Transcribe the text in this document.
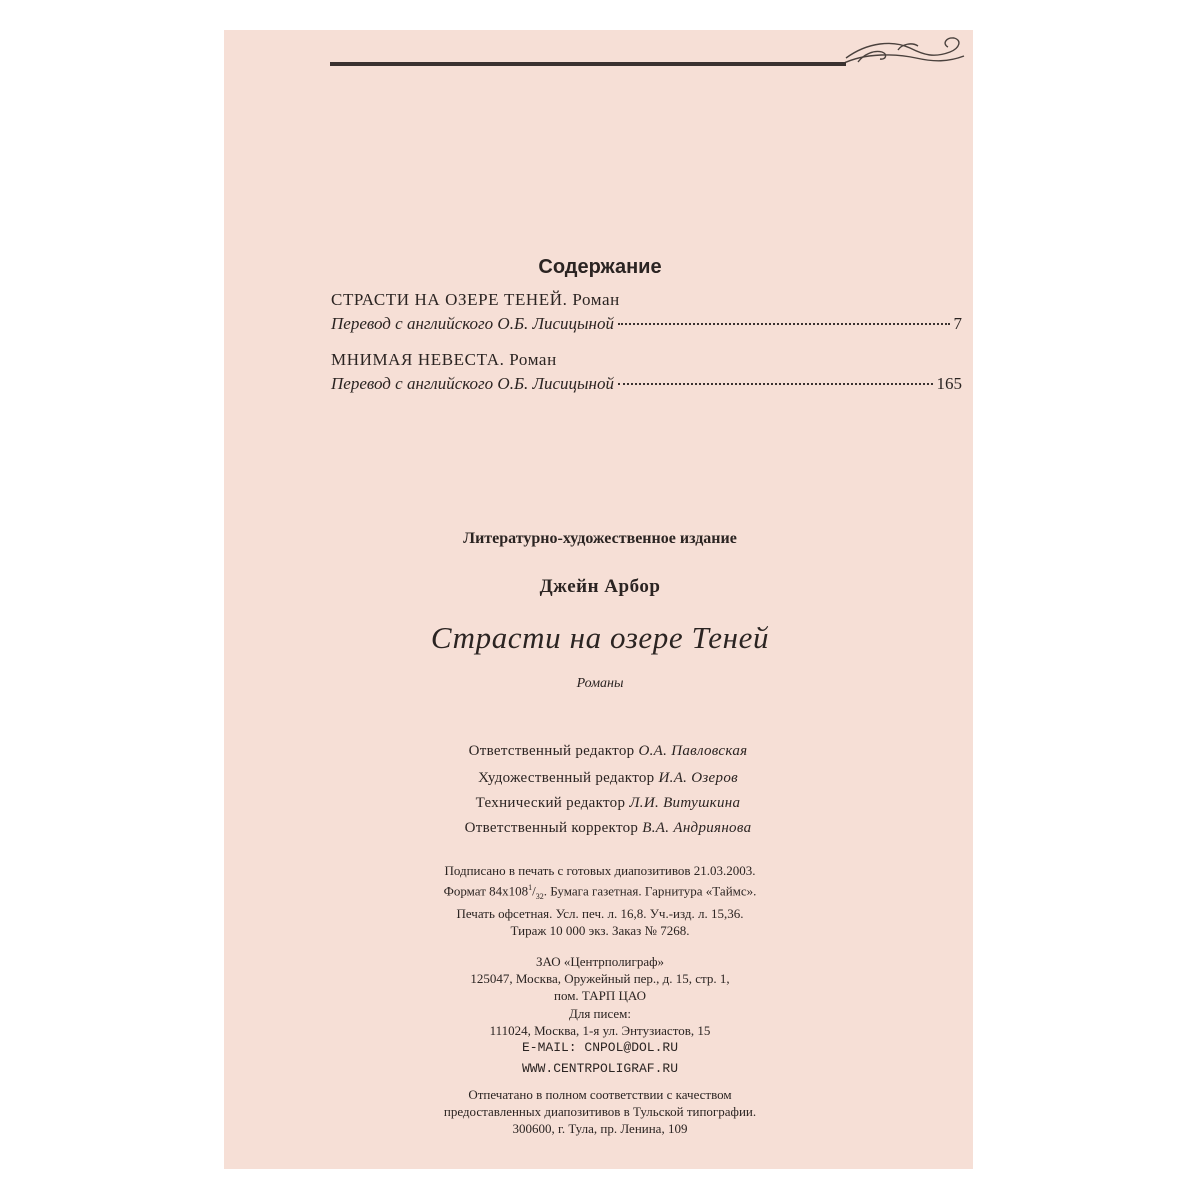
Содержание
СТРАСТИ НА ОЗЕРЕ ТЕНЕЙ. Роман
Перевод с английского О.Б. Лисицыной	7
МНИМАЯ НЕВЕСТА. Роман
Перевод с английского О.Б. Лисицыной	165
Литературно-художественное издание
Джейн Арбор
Страсти на озере Теней
Романы
Ответственный редактор О.А. Павловская
Художественный редактор И.А. Озеров
Технический редактор Л.И. Витушкина
Ответственный корректор В.А. Андриянова
Подписано в печать с готовых диапозитивов 21.03.2003.
Формат $84х108^1/_{32}$. Бумага газетная. Гарнитура «Таймс».
Печать офсетная. Усл. печ. л. 16,8. Уч.-изд. л. 15,36.
Тираж 10 000 экз. Заказ № 7268.
ЗАО «Центрполиграф»
125047, Москва, Оружейный пер., д. 15, стр. 1,
пом. ТАРП ЦАО
Для писем:
111024, Москва, 1-я ул. Энтузиастов, 15
E-MAIL: CNPOL@DOL.RU
WWW.CENTRPOLIGRAF.RU
Отпечатано в полном соответствии с качеством
предоставленных диапозитивов в Тульской типографии.
300600, г. Тула, пр. Ленина, 109
